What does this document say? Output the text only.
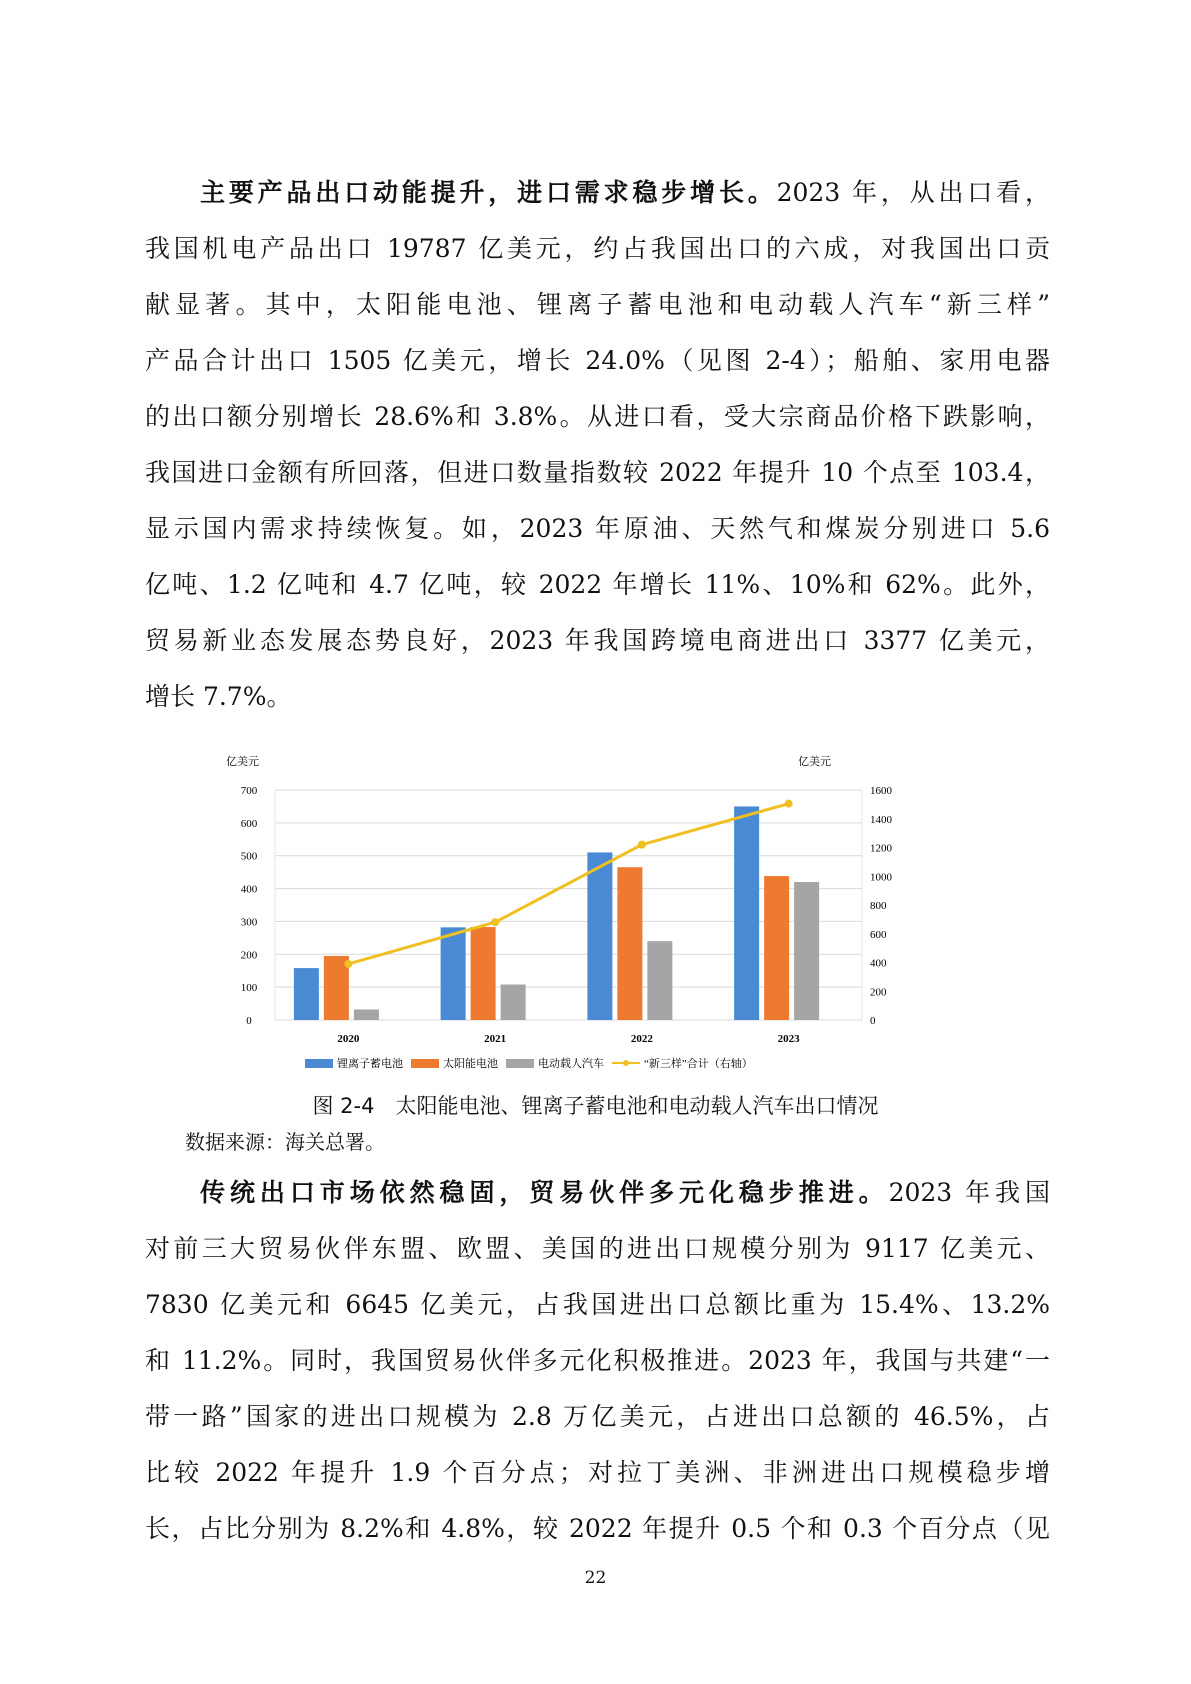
主要产品出口动能提升，进口需求稳步增长。2023 年，从出口看，
0
100
200
300
400
500
600
700
0
200
400
600
800
1000
1200
1400
1600
亿美元	亿美元
2020	2021	2022	2023
锂离子蓄电池	太阳能电池	电动载人汽车	“新三样”合计（右轴）
图 2-4　太阳能电池、锂离子蓄电池和电动载人汽车出口情况
数据来源：海关总署。
传统出口市场依然稳固，贸易伙伴多元化稳步推进。2023 年我国
22
我国机电产品出口 19787 亿美元，约占我国出口的六成，对我国出口贡
献显著。其中，太阳能电池、锂离子蓄电池和电动载人汽车“新三样”
产品合计出口 1505 亿美元，增长 24.0%（见图 2-4）；船舶、家用电器
的出口额分别增长 28.6%和 3.8%。从进口看，受大宗商品价格下跌影响，
我国进口金额有所回落，但进口数量指数较 2022 年提升 10 个点至 103.4，
显示国内需求持续恢复。如，2023 年原油、天然气和煤炭分别进口 5.6
亿吨、1.2 亿吨和 4.7 亿吨，较 2022 年增长 11%、10%和 62%。此外，
贸易新业态发展态势良好，2023 年我国跨境电商进出口 3377 亿美元，
增长 7.7%。
对前三大贸易伙伴东盟、欧盟、美国的进出口规模分别为 9117 亿美元、
7830 亿美元和 6645 亿美元，占我国进出口总额比重为 15.4%、13.2%
和 11.2%。同时，我国贸易伙伴多元化积极推进。2023 年，我国与共建“一
带一路”国家的进出口规模为 2.8 万亿美元，占进出口总额的 46.5%，占
比较 2022 年提升 1.9 个百分点；对拉丁美洲、非洲进出口规模稳步增
长，占比分别为 8.2%和 4.8%，较 2022 年提升 0.5 个和 0.3 个百分点（见
